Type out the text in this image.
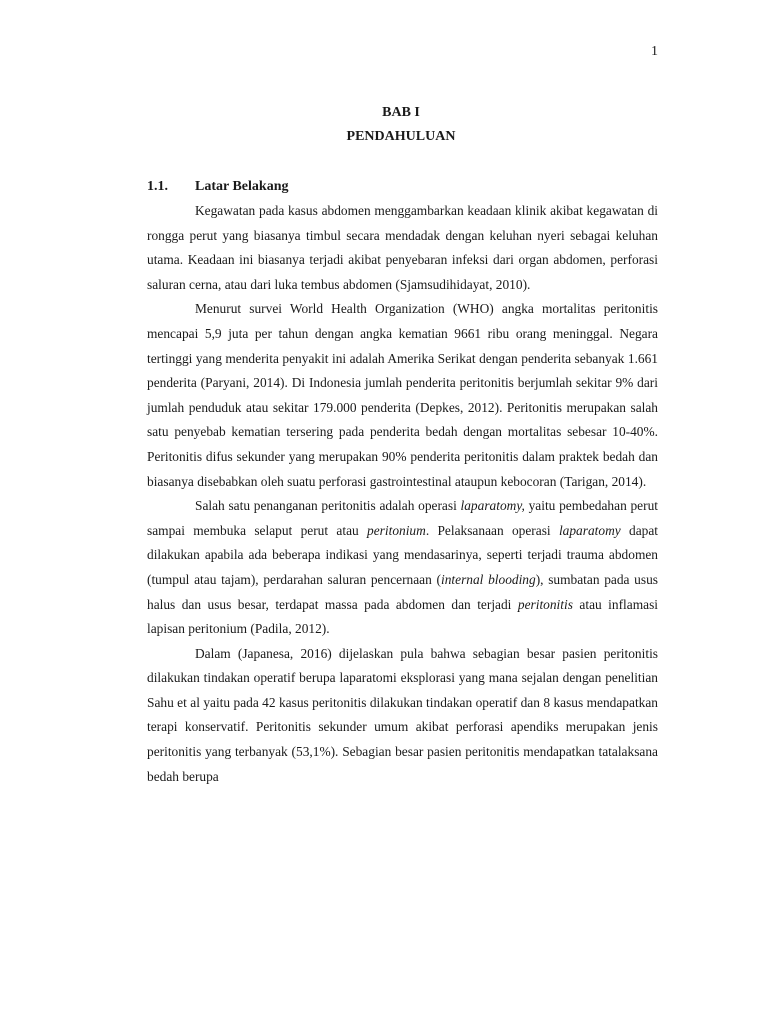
1
BAB I
PENDAHULUAN
1.1. Latar Belakang

Kegawatan pada kasus abdomen menggambarkan keadaan klinik akibat kegawatan di rongga perut yang biasanya timbul secara mendadak dengan keluhan nyeri sebagai keluhan utama. Keadaan ini biasanya terjadi akibat penyebaran infeksi dari organ abdomen, perforasi saluran cerna, atau dari luka tembus abdomen (Sjamsudihidayat, 2010).

Menurut survei World Health Organization (WHO) angka mortalitas peritonitis mencapai 5,9 juta per tahun dengan angka kematian 9661 ribu orang meninggal. Negara tertinggi yang menderita penyakit ini adalah Amerika Serikat dengan penderita sebanyak 1.661 penderita (Paryani, 2014). Di Indonesia jumlah penderita peritonitis berjumlah sekitar 9% dari jumlah penduduk atau sekitar 179.000 penderita (Depkes, 2012). Peritonitis merupakan salah satu penyebab kematian tersering pada penderita bedah dengan mortalitas sebesar 10-40%. Peritonitis difus sekunder yang merupakan 90% penderita peritonitis dalam praktek bedah dan biasanya disebabkan oleh suatu perforasi gastrointestinal ataupun kebocoran (Tarigan, 2014).

Salah satu penanganan peritonitis adalah operasi laparatomy, yaitu pembedahan perut sampai membuka selaput perut atau peritonium. Pelaksanaan operasi laparatomy dapat dilakukan apabila ada beberapa indikasi yang mendasarinya, seperti terjadi trauma abdomen (tumpul atau tajam), perdarahan saluran pencernaan (internal blooding), sumbatan pada usus halus dan usus besar, terdapat massa pada abdomen dan terjadi peritonitis atau inflamasi lapisan peritonium (Padila, 2012).

Dalam (Japanesa, 2016) dijelaskan pula bahwa sebagian besar pasien peritonitis dilakukan tindakan operatif berupa laparatomi eksplorasi yang mana sejalan dengan penelitian Sahu et al yaitu pada 42 kasus peritonitis dilakukan tindakan operatif dan 8 kasus mendapatkan terapi konservatif. Peritonitis sekunder umum akibat perforasi apendiks merupakan jenis peritonitis yang terbanyak (53,1%). Sebagian besar pasien peritonitis mendapatkan tatalaksana bedah berupa
